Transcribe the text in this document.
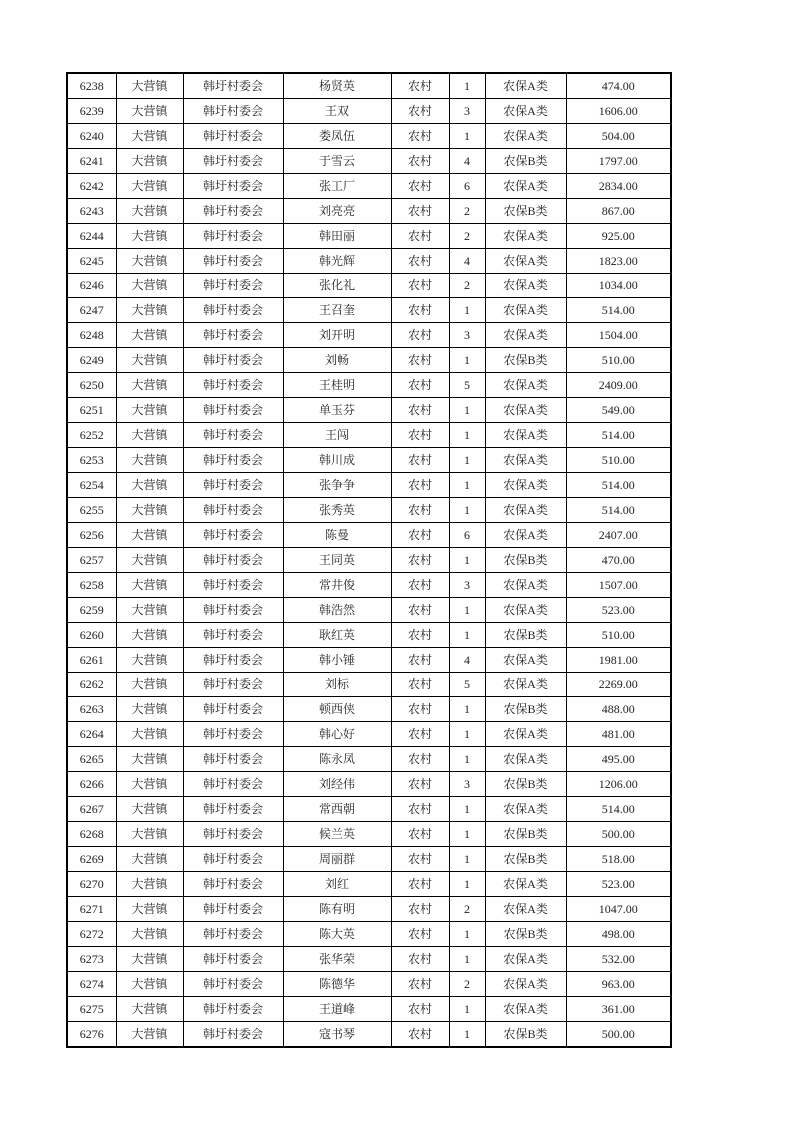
6238	大营镇	韩圩村委会	杨贤英	农村	1	农保A类	474.00
6239	大营镇	韩圩村委会	王双	农村	3	农保A类	1606.00
6240	大营镇	韩圩村委会	娄凤伍	农村	1	农保A类	504.00
6241	大营镇	韩圩村委会	于雪云	农村	4	农保B类	1797.00
6242	大营镇	韩圩村委会	张工厂	农村	6	农保A类	2834.00
6243	大营镇	韩圩村委会	刘亮亮	农村	2	农保B类	867.00
6244	大营镇	韩圩村委会	韩田丽	农村	2	农保A类	925.00
6245	大营镇	韩圩村委会	韩光辉	农村	4	农保A类	1823.00
6246	大营镇	韩圩村委会	张化礼	农村	2	农保A类	1034.00
6247	大营镇	韩圩村委会	王召奎	农村	1	农保A类	514.00
6248	大营镇	韩圩村委会	刘开明	农村	3	农保A类	1504.00
6249	大营镇	韩圩村委会	刘畅	农村	1	农保B类	510.00
6250	大营镇	韩圩村委会	王桂明	农村	5	农保A类	2409.00
6251	大营镇	韩圩村委会	单玉芬	农村	1	农保A类	549.00
6252	大营镇	韩圩村委会	王闯	农村	1	农保A类	514.00
6253	大营镇	韩圩村委会	韩川成	农村	1	农保A类	510.00
6254	大营镇	韩圩村委会	张争争	农村	1	农保A类	514.00
6255	大营镇	韩圩村委会	张秀英	农村	1	农保A类	514.00
6256	大营镇	韩圩村委会	陈曼	农村	6	农保A类	2407.00
6257	大营镇	韩圩村委会	王同英	农村	1	农保B类	470.00
6258	大营镇	韩圩村委会	常井俊	农村	3	农保A类	1507.00
6259	大营镇	韩圩村委会	韩浩然	农村	1	农保A类	523.00
6260	大营镇	韩圩村委会	耿红英	农村	1	农保B类	510.00
6261	大营镇	韩圩村委会	韩小锤	农村	4	农保A类	1981.00
6262	大营镇	韩圩村委会	刘标	农村	5	农保A类	2269.00
6263	大营镇	韩圩村委会	顿西侠	农村	1	农保B类	488.00
6264	大营镇	韩圩村委会	韩心好	农村	1	农保A类	481.00
6265	大营镇	韩圩村委会	陈永凤	农村	1	农保A类	495.00
6266	大营镇	韩圩村委会	刘经伟	农村	3	农保B类	1206.00
6267	大营镇	韩圩村委会	常西朝	农村	1	农保A类	514.00
6268	大营镇	韩圩村委会	候兰英	农村	1	农保B类	500.00
6269	大营镇	韩圩村委会	周丽群	农村	1	农保B类	518.00
6270	大营镇	韩圩村委会	刘红	农村	1	农保A类	523.00
6271	大营镇	韩圩村委会	陈有明	农村	2	农保A类	1047.00
6272	大营镇	韩圩村委会	陈大英	农村	1	农保B类	498.00
6273	大营镇	韩圩村委会	张华荣	农村	1	农保A类	532.00
6274	大营镇	韩圩村委会	陈德华	农村	2	农保A类	963.00
6275	大营镇	韩圩村委会	王道峰	农村	1	农保A类	361.00
6276	大营镇	韩圩村委会	寇书琴	农村	1	农保B类	500.00
